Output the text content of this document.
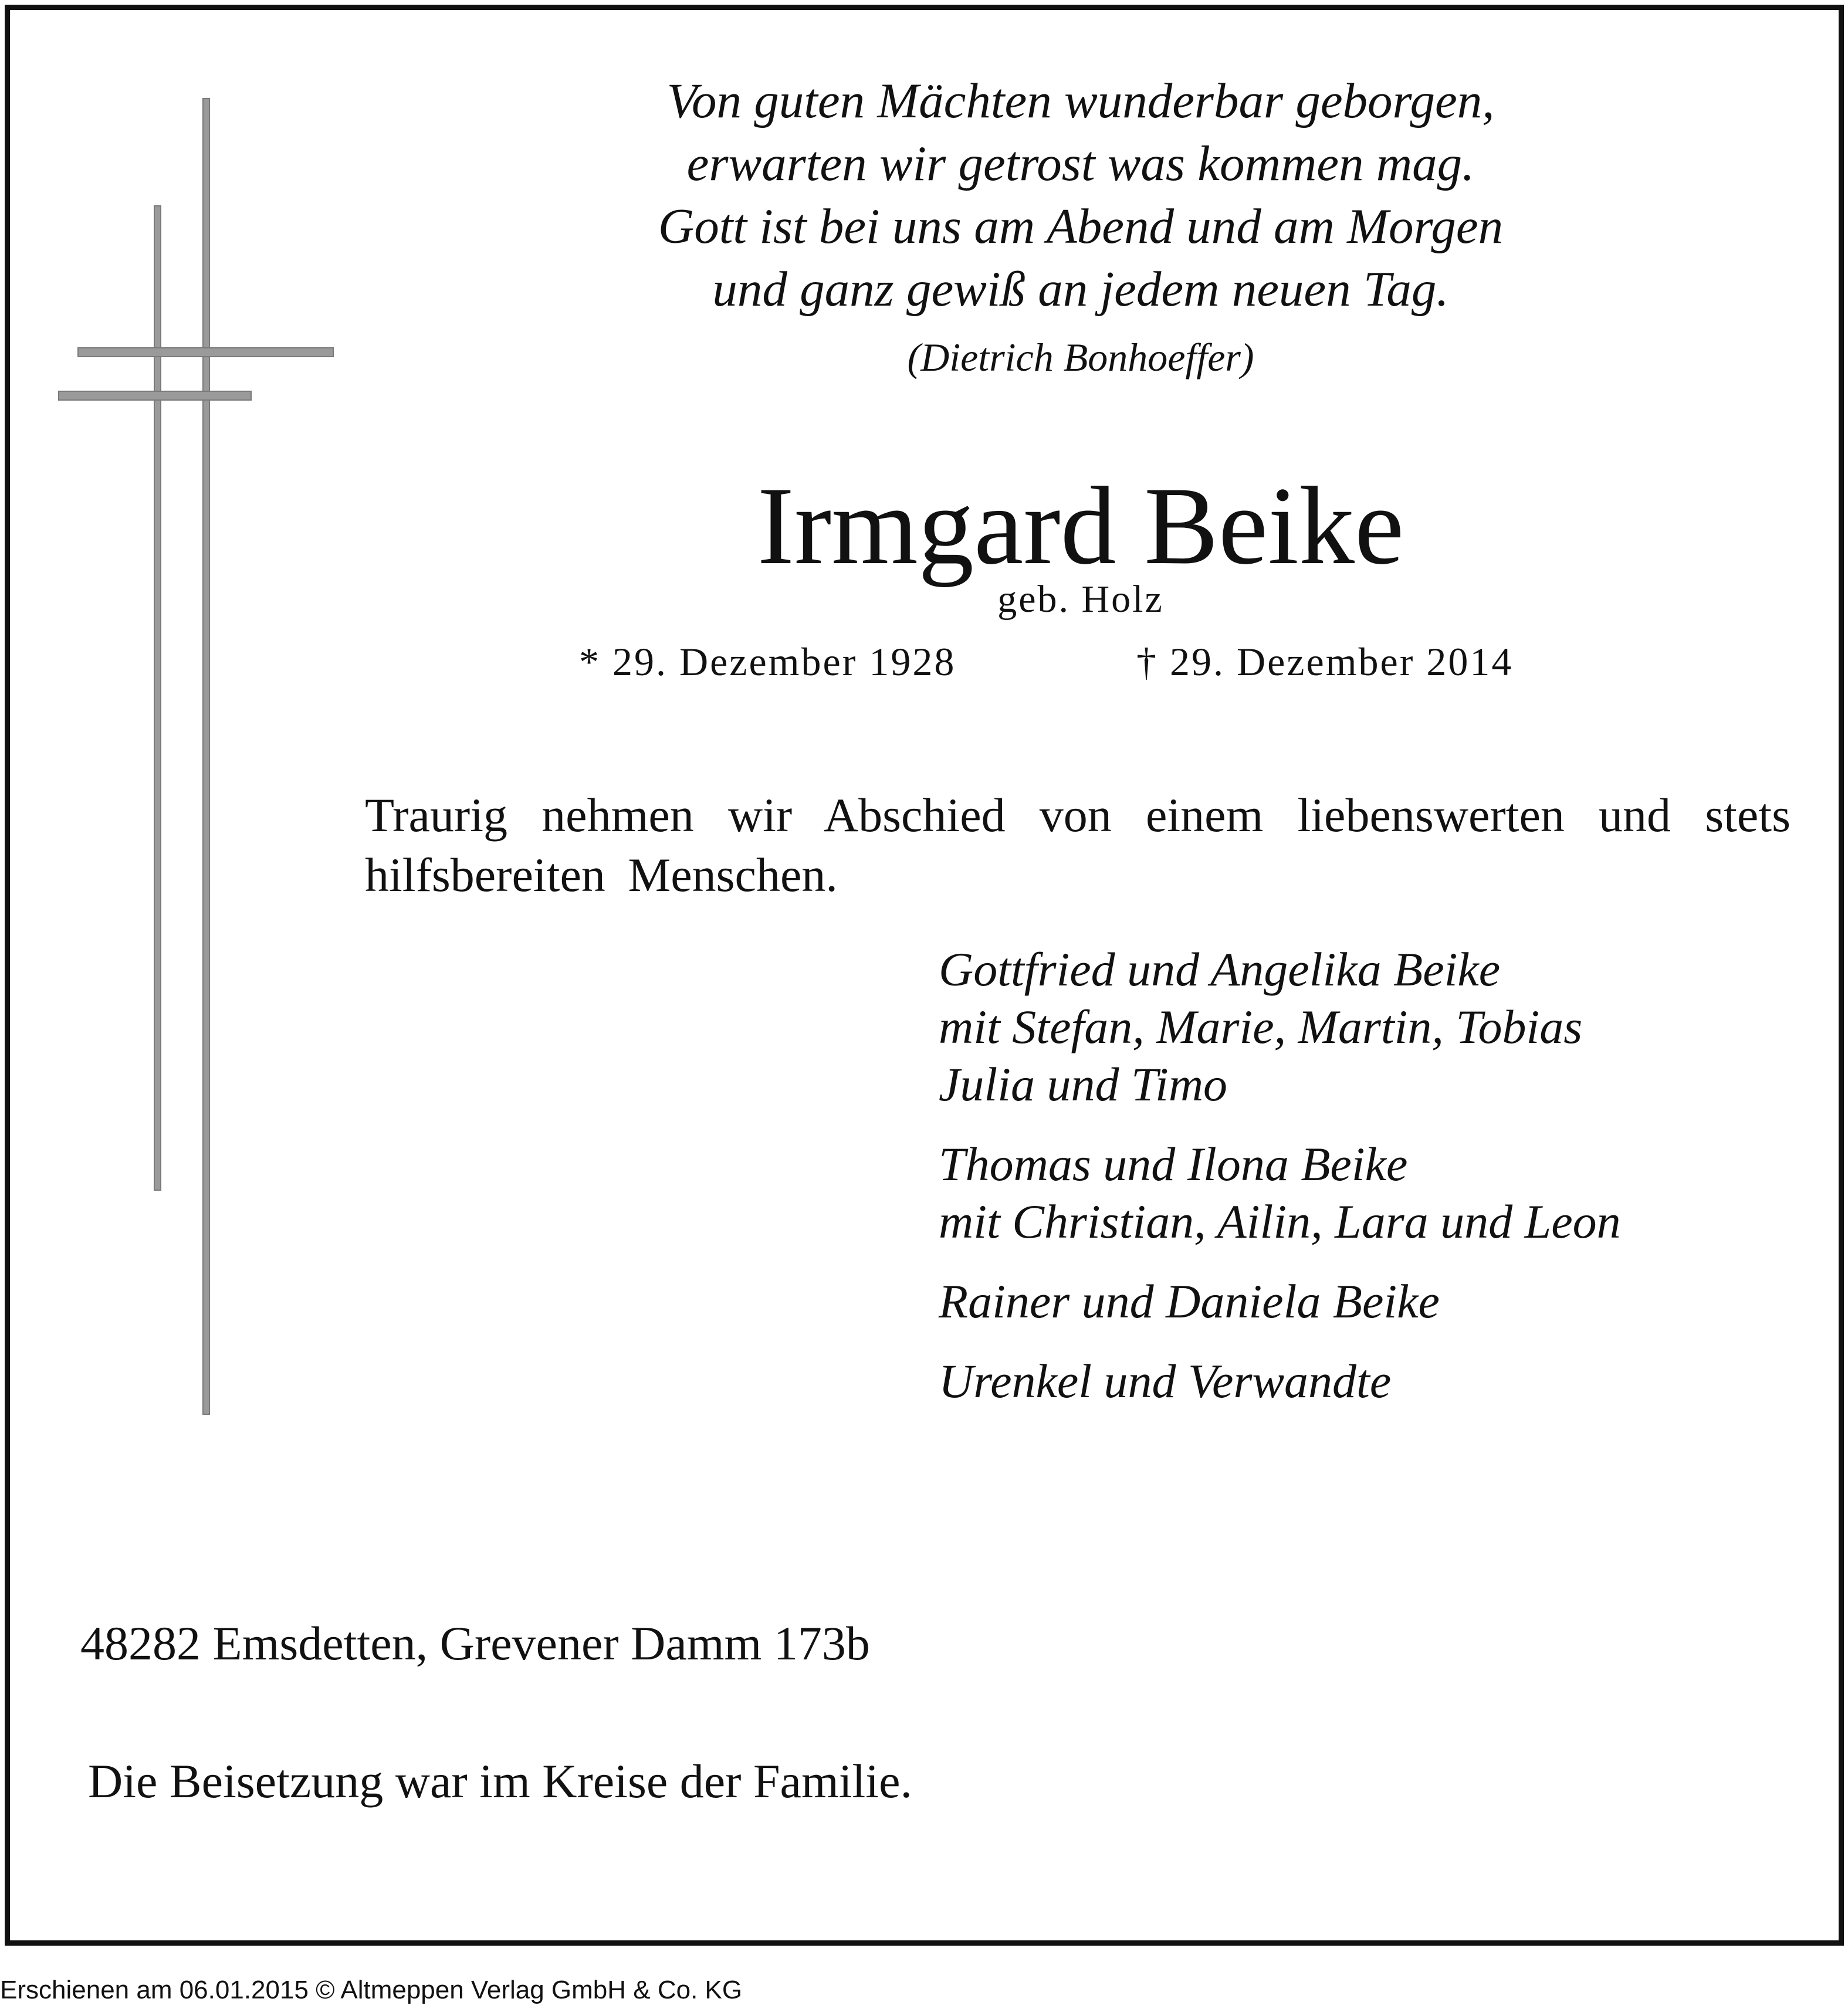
Von guten Mächten wunderbar geborgen,
erwarten wir getrost was kommen mag.
Gott ist bei uns am Abend und am Morgen
und ganz gewiß an jedem neuen Tag.
(Dietrich Bonhoeffer)
Irmgard Beike
geb. Holz
* 29. Dezember 1928	† 29. Dezember 2014
Traurig nehmen wir Abschied von einem liebenswerten und stets hilfsbereiten Menschen.
Gottfried und Angelika Beike
mit Stefan, Marie, Martin, Tobias
Julia und Timo
Thomas und Ilona Beike
mit Christian, Ailin, Lara und Leon
Rainer und Daniela Beike
Urenkel und Verwandte
48282 Emsdetten, Grevener Damm 173b
Die Beisetzung war im Kreise der Familie.
Erschienen am 06.01.2015 © Altmeppen Verlag GmbH & Co. KG
